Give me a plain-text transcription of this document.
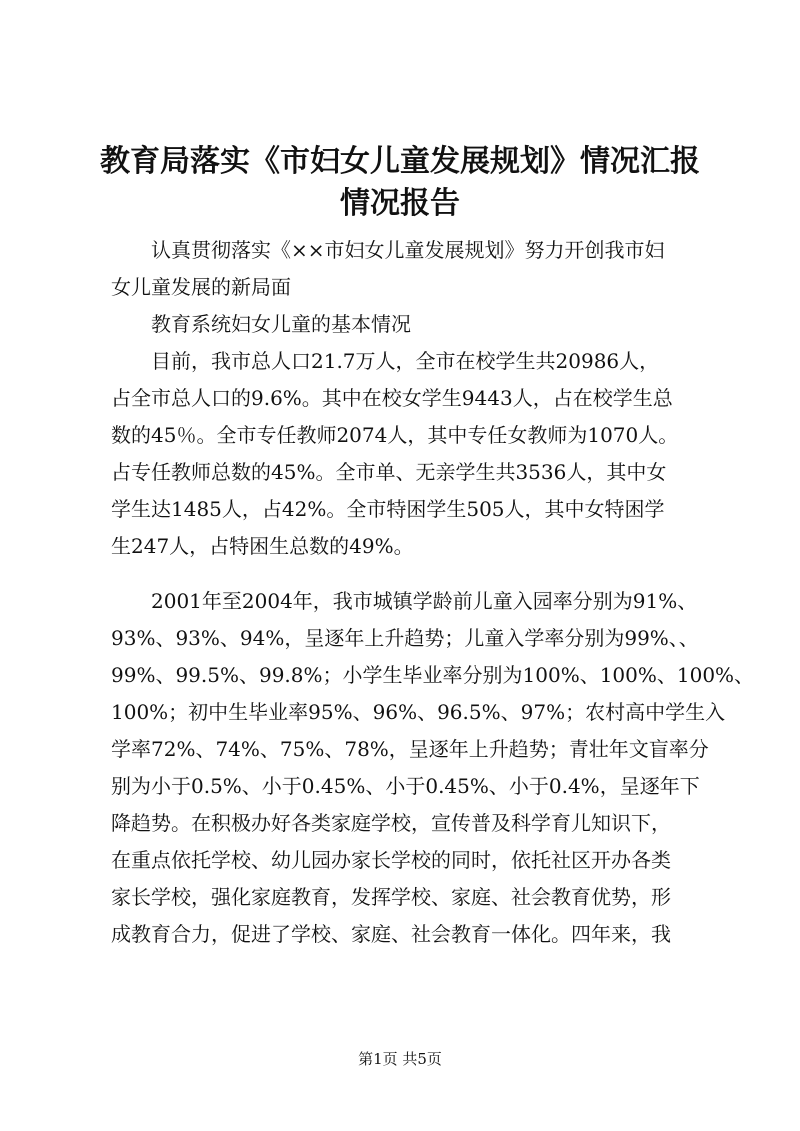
教育局落实《市妇女儿童发展规划》情况汇报
情况报告
认真贯彻落实《××市妇女儿童发展规划》努力开创我市妇
女儿童发展的新局面
教育系统妇女儿童的基本情况
目前，我市总人口21.7万人，全市在校学生共20986人，
占全市总人口的9.6%。其中在校女学生9443人，占在校学生总
数的45％。全市专任教师2074人，其中专任女教师为1070人。
占专任教师总数的45%。全市单、无亲学生共3536人，其中女
学生达1485人，占42%。全市特困学生505人，其中女特困学
生247人，占特困生总数的49%。
2001年至2004年，我市城镇学龄前儿童入园率分别为91%、
93%、93%、94%，呈逐年上升趋势；儿童入学率分别为99%、、
99%、99.5%、99.8%；小学生毕业率分别为100%、100%、100%、
100%；初中生毕业率95%、96%、96.5%、97%；农村高中学生入
学率72%、74%、75%、78%，呈逐年上升趋势；青壮年文盲率分
别为小于0.5%、小于0.45%、小于0.45%、小于0.4%，呈逐年下
降趋势。在积极办好各类家庭学校，宣传普及科学育儿知识下，
在重点依托学校、幼儿园办家长学校的同时，依托社区开办各类
家长学校，强化家庭教育，发挥学校、家庭、社会教育优势，形
成教育合力，促进了学校、家庭、社会教育一体化。四年来，我
第1页 共5页
